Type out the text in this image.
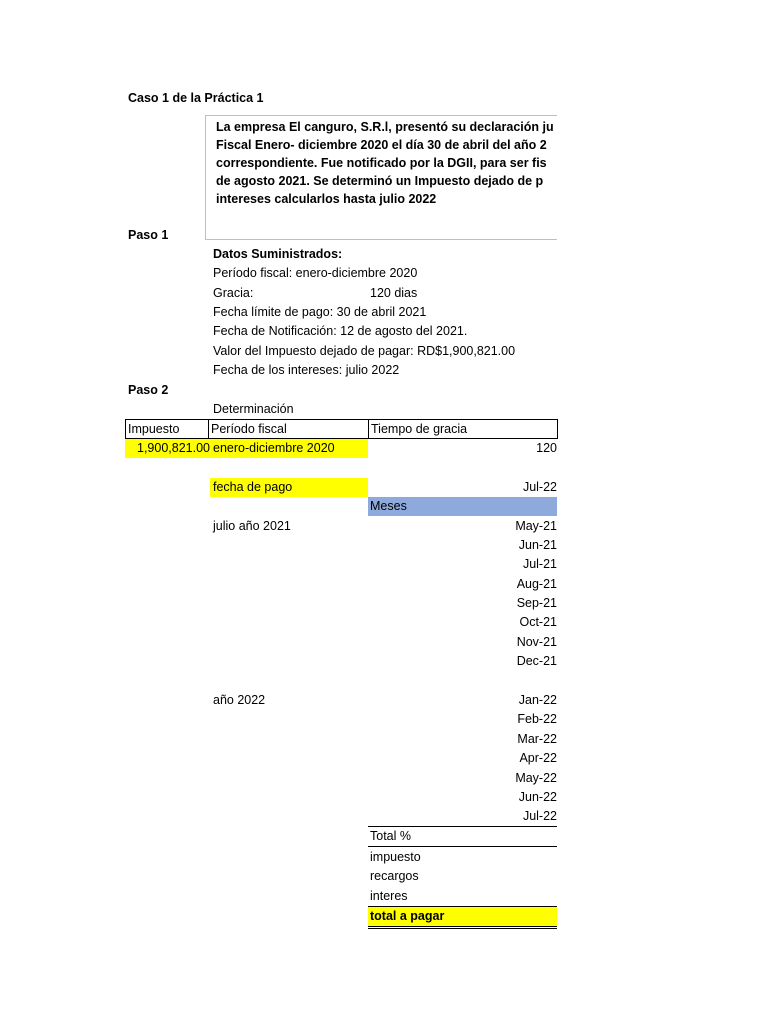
Caso 1 de la Práctica 1
La empresa El canguro, S.R.l, presentó su declaración ju
Fiscal Enero- diciembre 2020 el día 30 de abril del año 2
correspondiente. Fue notificado por la DGII, para ser fis
de agosto 2021. Se determinó un Impuesto dejado de p
intereses calcularlos hasta julio 2022
Paso 1
Datos Suministrados:
Período fiscal: enero-diciembre 2020
Gracia:	120 dias
Fecha límite de pago: 30 de abril 2021
Fecha de Notificación: 12 de agosto del 2021.
Valor del Impuesto dejado de pagar: RD$1,900,821.00
Fecha de los intereses: julio 2022
Paso 2
Determinación
Impuesto	Período fiscal	Tiempo de gracia
1,900,821.00 enero-diciembre 2020	120
fecha de pago	Jul-22
Meses
julio año 2021	May-21
Jun-21
Jul-21
Aug-21
Sep-21
Oct-21
Nov-21
Dec-21
año 2022	Jan-22
Feb-22
Mar-22
Apr-22
May-22
Jun-22
Jul-22
Total %
impuesto
recargos
interes
total a pagar
